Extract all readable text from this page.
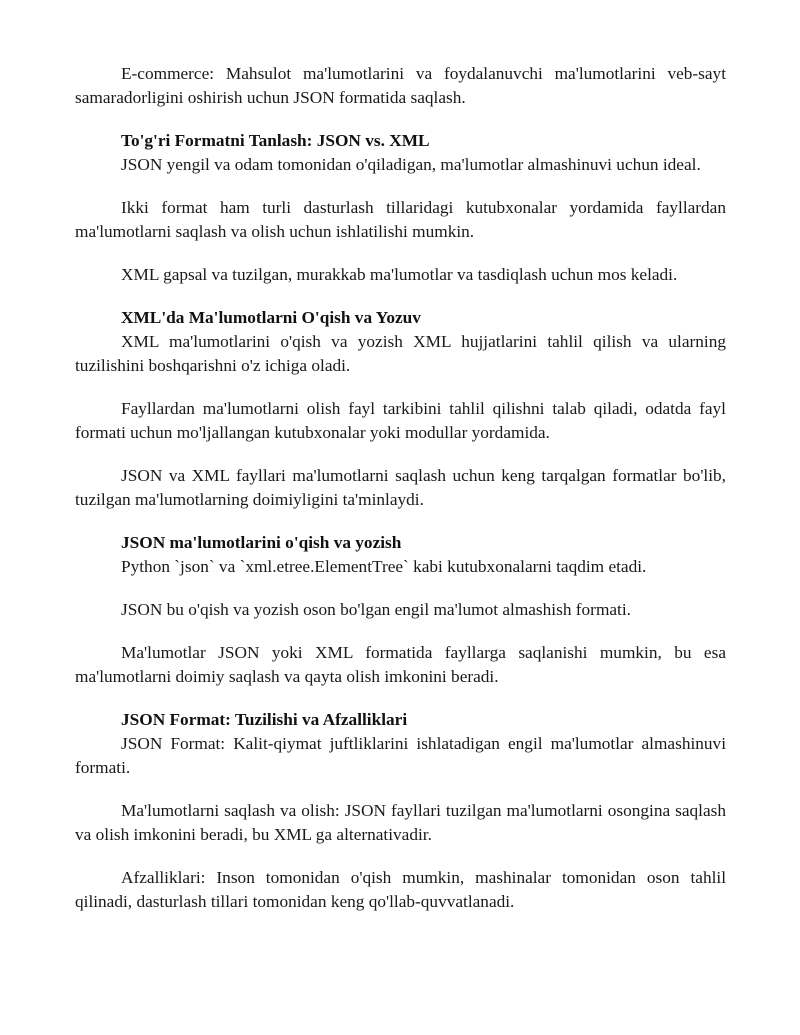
E-commerce: Mahsulot ma'lumotlarini va foydalanuvchi ma'lumotlarini veb-sayt samaradorligini oshirish uchun JSON formatida saqlash.

To'g'ri Formatni Tanlash: JSON vs. XML

JSON yengil va odam tomonidan o'qiladigan, ma'lumotlar almashinuvi uchun ideal.

Ikki format ham turli dasturlash tillaridagi kutubxonalar yordamida fayllardan ma'lumotlarni saqlash va olish uchun ishlatilishi mumkin.

XML gapsal va tuzilgan, murakkab ma'lumotlar va tasdiqlash uchun mos keladi.

XML'da Ma'lumotlarni O'qish va Yozuv

XML ma'lumotlarini o'qish va yozish XML hujjatlarini tahlil qilish va ularning tuzilishini boshqarishni o'z ichiga oladi.

Fayllardan ma'lumotlarni olish fayl tarkibini tahlil qilishni talab qiladi, odatda fayl formati uchun mo'ljallangan kutubxonalar yoki modullar yordamida.

JSON va XML fayllari ma'lumotlarni saqlash uchun keng tarqalgan formatlar bo'lib, tuzilgan ma'lumotlarning doimiyligini ta'minlaydi.

JSON ma'lumotlarini o'qish va yozish

Python `json` va `xml.etree.ElementTree` kabi kutubxonalarni taqdim etadi.

JSON bu o'qish va yozish oson bo'lgan engil ma'lumot almashish formati.

Ma'lumotlar JSON yoki XML formatida fayllarga saqlanishi mumkin, bu esa ma'lumotlarni doimiy saqlash va qayta olish imkonini beradi.

JSON Format: Tuzilishi va Afzalliklari

JSON Format: Kalit-qiymat juftliklarini ishlatadigan engil ma'lumotlar almashinuvi formati.

Ma'lumotlarni saqlash va olish: JSON fayllari tuzilgan ma'lumotlarni osongina saqlash va olish imkonini beradi, bu XML ga alternativadir.

Afzalliklari: Inson tomonidan o'qish mumkin, mashinalar tomonidan oson tahlil qilinadi, dasturlash tillari tomonidan keng qo'llab-quvvatlanadi.
